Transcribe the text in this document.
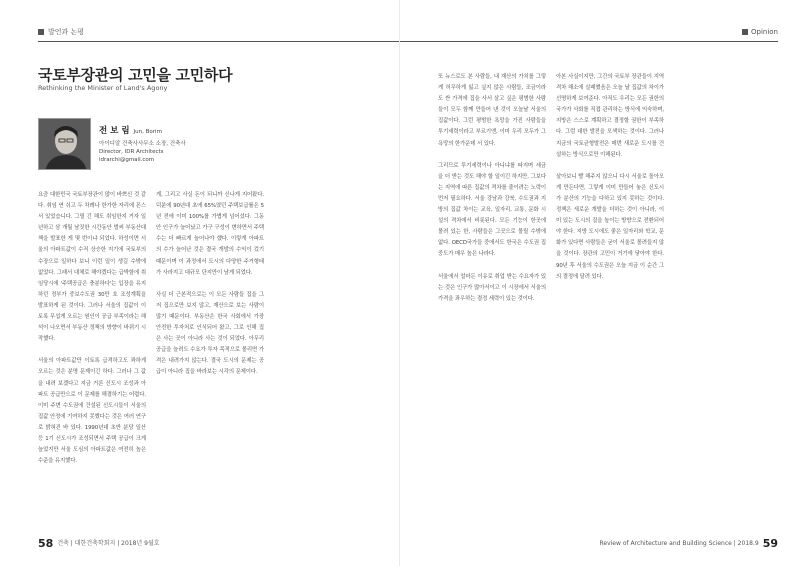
발언과 논평
국토부장관의 고민을 고민하다
Rethinking the Minister of Land's Agony
전 보 림 Jun, Borim
아이디알 건축사사무소 소장, 건축사
Director, IDR Architects
idrarchi@gmail.com

요즘 대한민국 국토부장관이 많이 바쁘신 것 같다. 취임 연 쉬고 두 차례나 한가한 자리에 몬스 서 있었습니다. 그릴 긴 해도 취임한지 거자 일 년하고 삼 개월 남짓한 시간동안 벌써 부동산대책을 발표한 게 몇 번이냐 되었다. 하성이면 서울의 아파트값이 수직 상승한 지기에 국토부의 수장으로 일하다 보니 이런 일이 생길 수밖에 없었다. 그래서 대체로 해야겠다는 급박함에 취임당시에 '주택공급은 충분하다'는 입장을 유지하던 정부가 중보수도권 30만 호 조성계획을 발표하게 된 것이다. 그러나 서울의 집값이 이토록 무섭게 오르는 원인이 공급 부족이라는 해석이 나오면서 부동산 정책의 방향이 바뀌기 시작했다.

서울의 아파트값만 이토록 급격하고도 꽈하게 오르는 것은 분명 문제이긴 하다. 그러나 그 값을 내려 보겠다고 지금 거론 신도시 조성과 아파트 공급만으로 이 문제를 해결하기는 어렵다. 이미 주변 수도권에 건설된 신도시들이 서울의 집값 안정에 기여하지 못했다는 것은 여러 연구로 밝혀진 바 있다. 1990년대 초반 분당 일산 등 1기 신도시가 조성되면서 주택 공급이 크게 늘었지만 서울 도심의 아파트값은 여전히 높은 수준을 유지했다.

게, 그리고 사실 돈이 되니까 신나게 지어왔다. 덕분에 90년대 초에 65%였던 주택보급률은 5년 전에 이미 100%를 가볍게 넘어섰다. 그동안 인구가 늘어났고 가구 구성이 변하면서 주택 수는 더 빠르게 늘어나야 했다. 이렇게 아파트의 수가 늘어난 것은 결국 개발의 수익이 컸기 때문이며 이 과정에서 도시의 다양한 주거형태가 사라지고 대규모 단지만이 남게 되었다.

사실 더 근본적으로는 이 모든 사람들 집을 그저 집으로만 보지 않고, 재산으로 보는 사람이 많기 때문이다. 부동산은 한국 사회에서 가장 안전한 투자처로 인식되어 왔고, 그로 인해 집은 사는 곳이 아니라 사는 것이 되었다. 아무리 공급을 늘려도 수요가 투자 목적으로 몰리면 가격은 내려가지 않는다. 결국 도시의 문제는 공급이 아니라 집을 바라보는 시각의 문제이다.

58 건축 | 대한건축학회지 | 2018년 9월호
Opinion

또 뉴스로도 본 사람들, 내 재산의 가치를 그렇게 허무하게 잃고 싶지 않은 사람들, 조금이라도 싼 가격에 집을 사서 살고 싶은 평범한 사람들이 모두 함께 만들어 낸 것이 오늘날 서울의 집값이다. 그런 평범한 욕망을 가진 사람들을 투기세력이라고 부르기엔, 이미 우리 모두가 그 욕망의 한가운데 서 있다.

그리므로 투기세력이나 아니냐를 따지며 세금을 더 받는 것도 해야 할 일이긴 하지만, 그보다는 지역에 따른 집값의 격차를 줄이려는 노력이 먼저 필요하다. 서울 강남과 강북, 수도권과 지방의 집값 차이는 교육, 일자리, 교통, 문화 시설의 격차에서 비롯된다. 모든 기능이 한곳에 몰려 있는 한, 사람들은 그곳으로 몰릴 수밖에 없다. OECD국가들 중에서도 한국은 수도권 집중도가 매우 높은 나라다.

서울에서 얼마든 이유로 취업 받는 수요자가 있는 것은 인구가 많아서이고 이 시장에서 서울의 가격을 좌우하는 결정 세력이 있는 것이다.

아본 사실이지만, 그간의 국토부 장관들이 지역격차 해소에 실패했음은 오늘 날 집값의 차이가 선명하게 보여준다. 아직도 우리는 모든 권한의 국가가 사회를 직접 관리하는 방식에 익숙하며, 지방은 스스로 계획하고 결정할 권한이 부족하다. 그럼 대한 발전을 모색하는 것이다. 그러나 지금의 국토균형발전은 매번 새로운 도시를 건설하는 방식으로만 이해된다.

살아보니 빨 해주지 않으니 다시 서울로 돌아오게 만든다면, 그렇게 이미 만들어 놓은 신도시가 분산의 기능을 다하고 있지 못하는 것이다. 정책은 새로운 개발을 더하는 것이 아니라, 이미 있는 도시의 질을 높이는 방향으로 전환되어야 한다. 지방 도시에도 좋은 일자리와 학교, 문화가 있다면 사람들은 굳이 서울로 몰려들지 않을 것이다. 장관의 고민이 거기에 닿아야 한다. 90년 후 서울의 수도권은 오늘 지금 이 순간 그의 결정에 달려 있다.

Review of Architecture and Building Science | 2018.9 59
